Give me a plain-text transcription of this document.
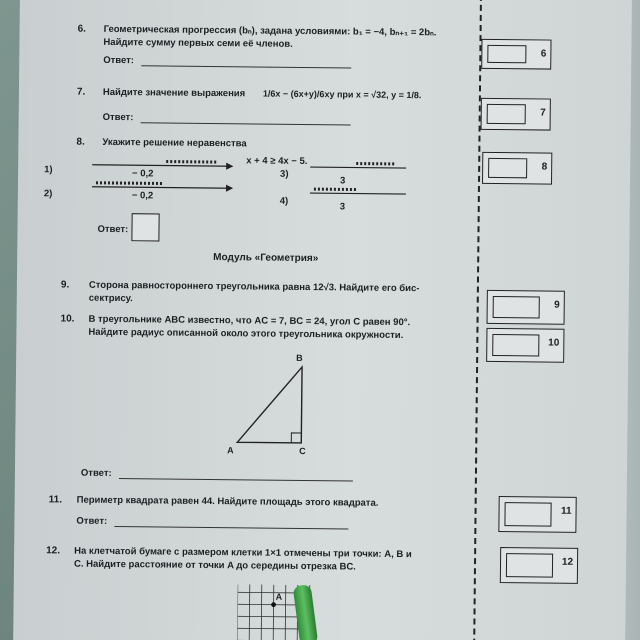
6. Геометрическая прогрессия (bₙ), задана условиями: b₁ = −4, bₙ₊₁ = 2bₙ.
Найдите сумму первых семи её членов.
Ответ:
6
7. Найдите значение выражения 1/6x − (6x+y)/6xy при x = √32, y = 1/8.
Ответ:	7
8. Укажите решение неравенства
x + 4 ≥ 4x − 5.
1)	− 0,2
2)	− 0,2
3)
3
4)
3
Ответ:
8
Модуль «Геометрия»
9. Сторона равностороннего треугольника равна 12√3. Найдите его бис-
сектрису.
9
10. В треугольнике ABC известно, что AC = 7, BC = 24, угол C равен 90°.
Найдите радиус описанной около этого треугольника окружности.
10
B
A	C
Ответ:
11. Периметр квадрата равен 44. Найдите площадь этого квадрата.
Ответ:
11
12. На клетчатой бумаге с размером клетки 1×1 отмечены три точки: A, B и
C. Найдите расстояние от точки A до середины отрезка BC.	12
A
